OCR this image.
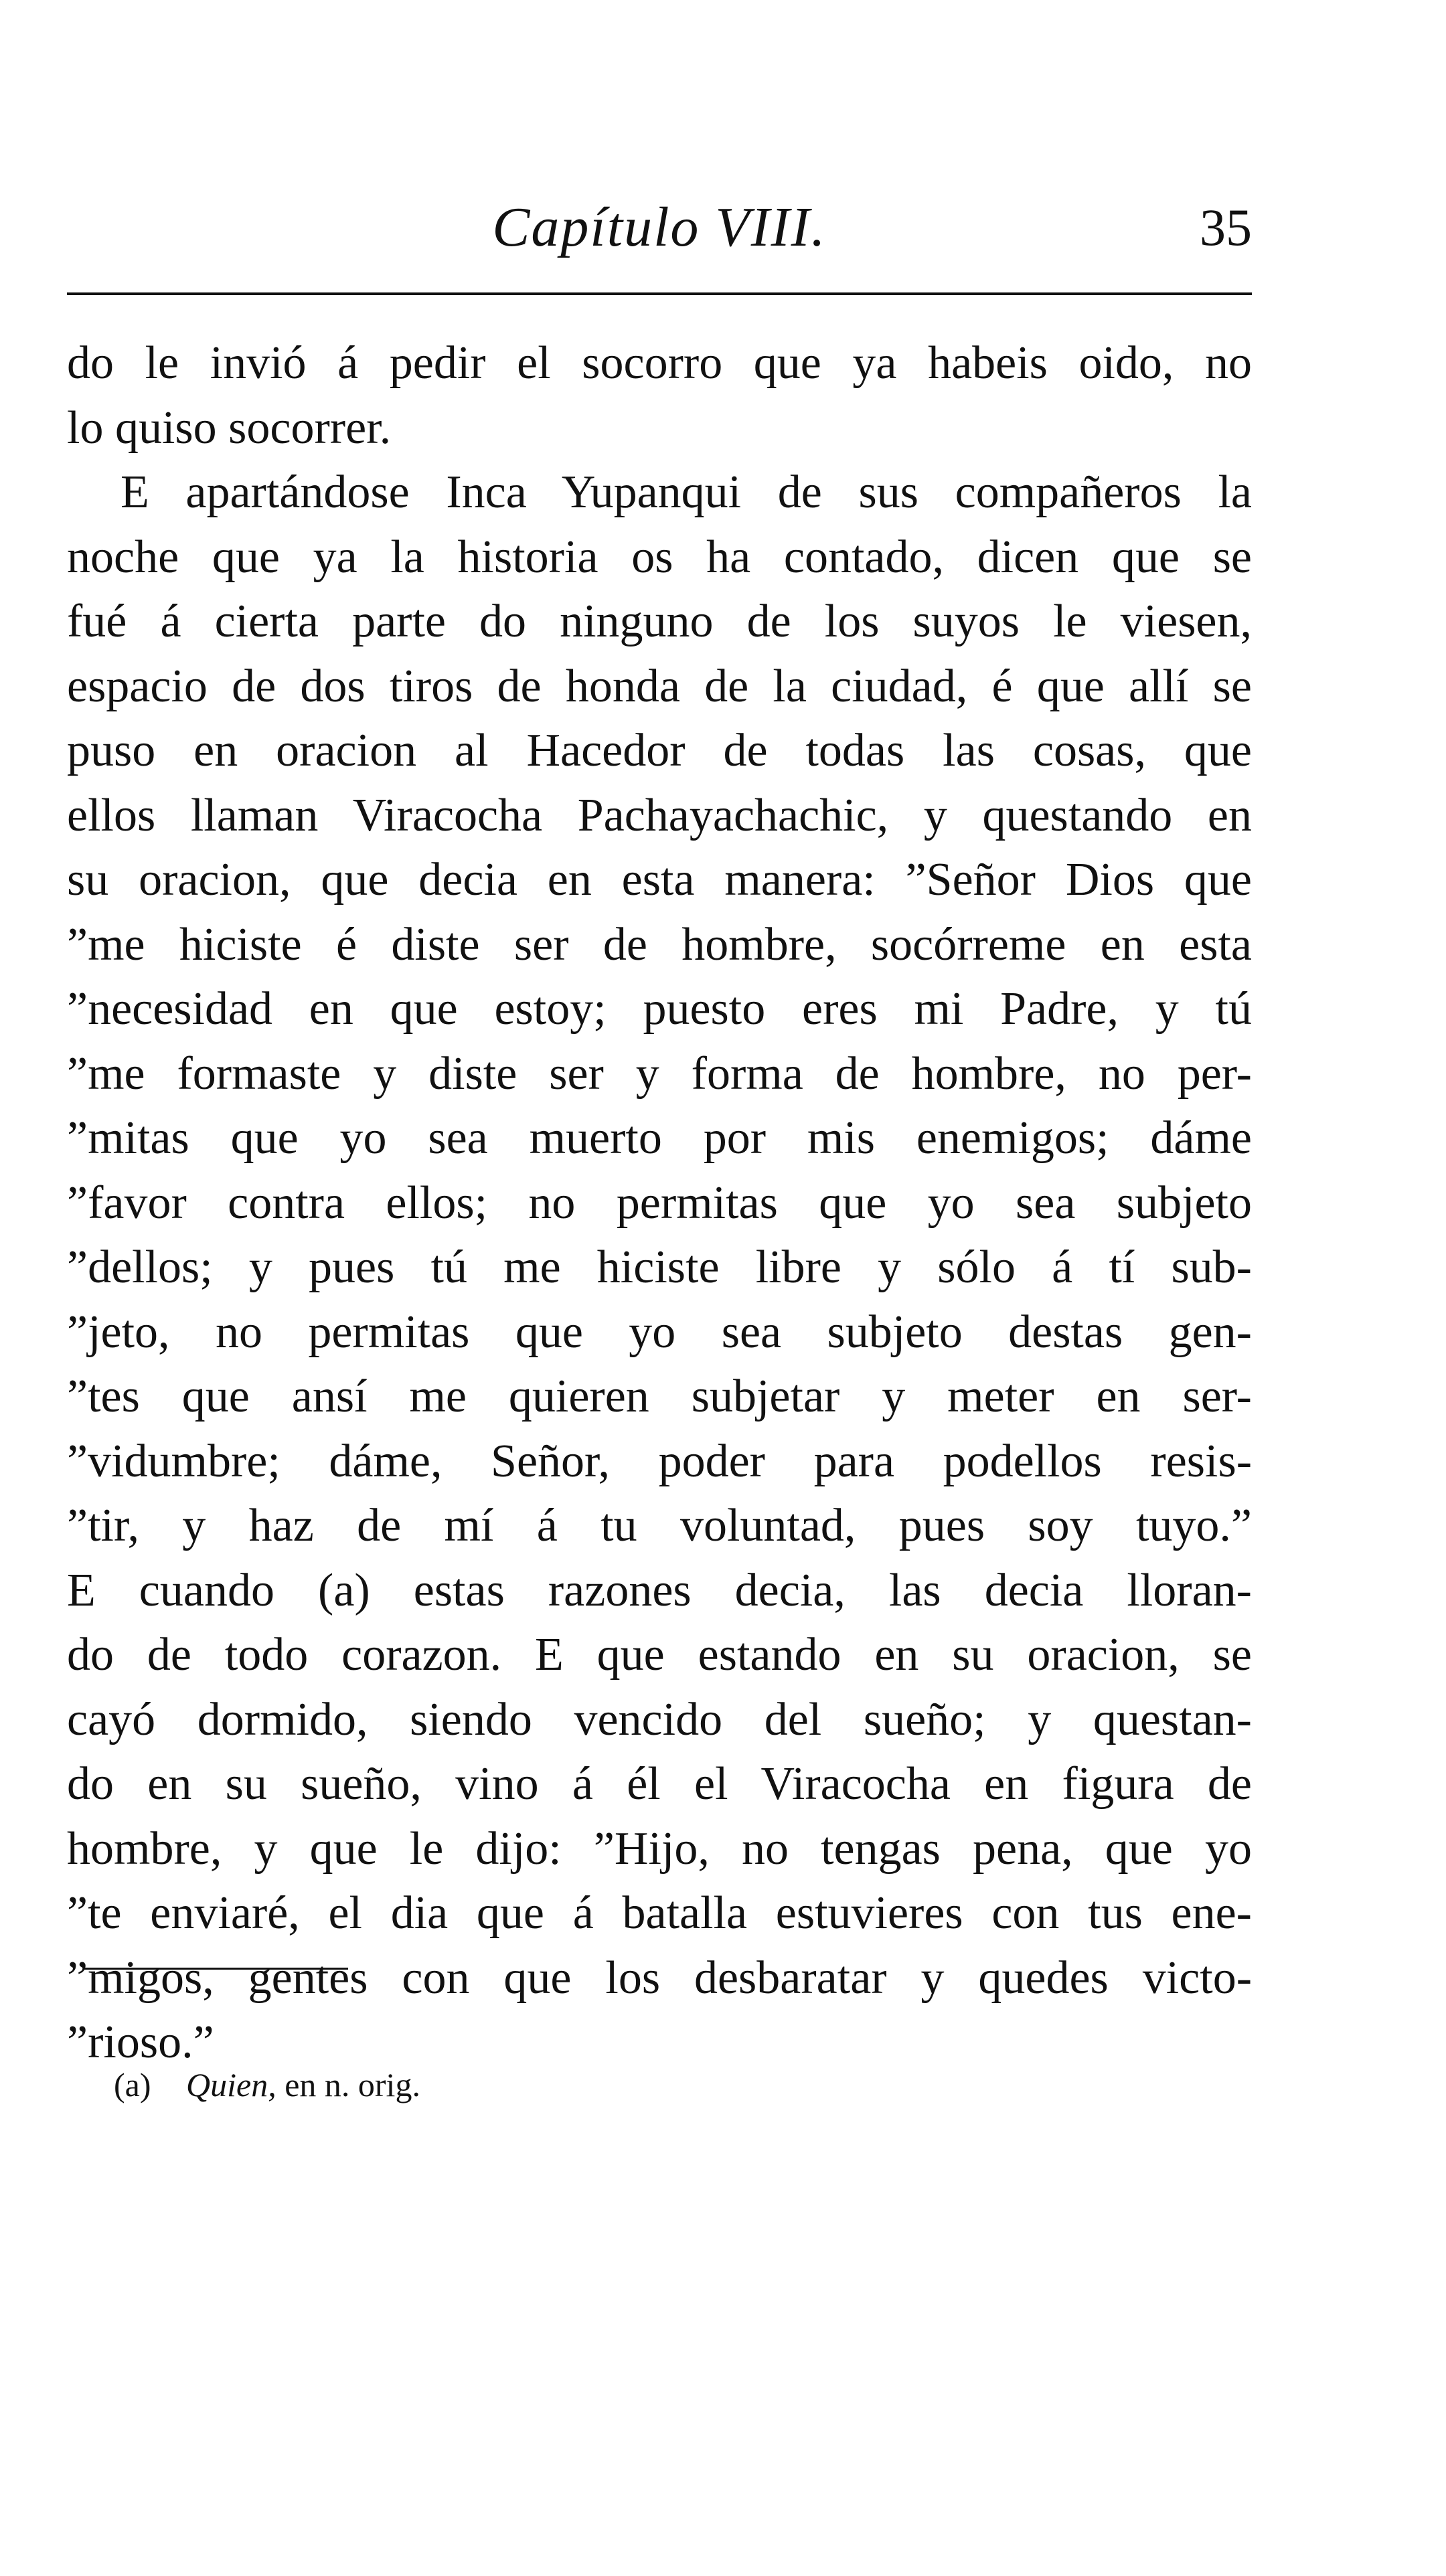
Capítulo VIII.	35
do le invió á pedir el socorro que ya habeis oido, no
lo quiso socorrer.
E apartándose Inca Yupanqui de sus compañeros la
noche que ya la historia os ha contado, dicen que se
fué á cierta parte do ninguno de los suyos le viesen,
espacio de dos tiros de honda de la ciudad, é que allí se
puso en oracion al Hacedor de todas las cosas, que
ellos llaman Viracocha Pachayachachic, y questando en
su oracion, que decia en esta manera: ”Señor Dios que
”me hiciste é diste ser de hombre, socórreme en esta
”necesidad en que estoy; puesto eres mi Padre, y tú
”me formaste y diste ser y forma de hombre, no per-
”mitas que yo sea muerto por mis enemigos; dáme
”favor contra ellos; no permitas que yo sea subjeto
”dellos; y pues tú me hiciste libre y sólo á tí sub-
”jeto, no permitas que yo sea subjeto destas gen-
”tes que ansí me quieren subjetar y meter en ser-
”vidumbre; dáme, Señor, poder para podellos resis-
”tir, y haz de mí á tu voluntad, pues soy tuyo.”
E cuando (a) estas razones decia, las decia lloran-
do de todo corazon. E que estando en su oracion, se
cayó dormido, siendo vencido del sueño; y questan-
do en su sueño, vino á él el Viracocha en figura de
hombre, y que le dijo: ”Hijo, no tengas pena, que yo
”te enviaré, el dia que á batalla estuvieres con tus ene-
”migos, gentes con que los desbaratar y quedes victo-
”rioso.”
(a) Quien, en n. orig.
